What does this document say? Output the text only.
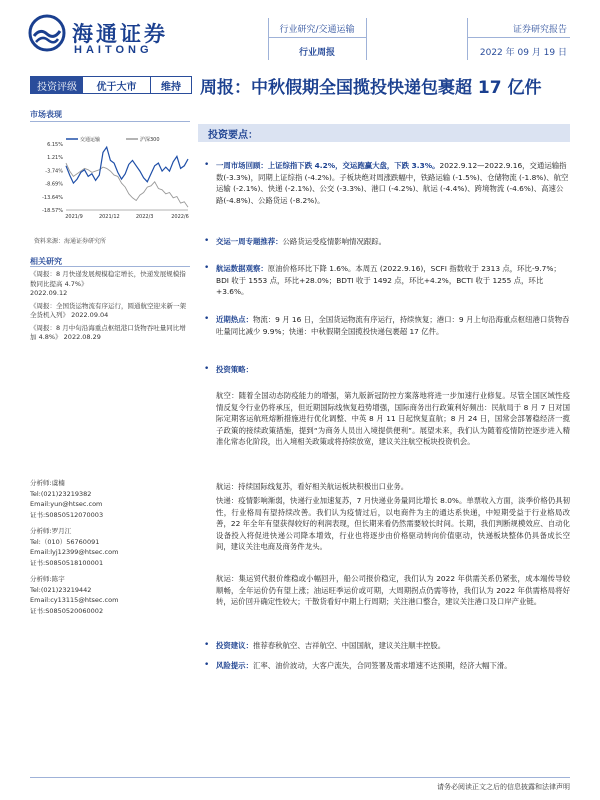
海通证券
HAITONG
行业研究/交通运输
行业周报
证券研究报告
2022 年 09 月 19 日
投资评级	优于大市	维持
市场表现
交通运输	沪深300
6.15%
1.21%
-3.74%
-8.69%
-13.64%
-18.57%
2021/9	2021/12	2022/3	2022/6
资料来源：海通证券研究所
相关研究
《周报：8 月快递发展规模稳定增长，快递发展规模指数同比提高 4.7%》
2022.09.12
《周报：全国货运物流有序运行，圆通航空迎来新一架全货机入列》 2022.09.04
《周报：8 月中旬沿海重点枢纽港口货物吞吐量同比增加 4.8%》 2022.08.29
分析师:虞楠
Tel:(021)23219382
Email:yun@htsec.com
证书:S0850512070003
分析师:罗月江
Tel:（010）56760091
Email:lyj12399@htsec.com
证书:S0850518100001
分析师:陈宇
Tel:(021)23219442
Email:cy13115@htsec.com
证书:S0850520060002
周报：中秋假期全国揽投快递包裹超 17 亿件
投资要点：
• 一周市场回顾：上证综指下跌 4.2%，交运跑赢大盘，下跌 3.3%。2022.9.12—2022.9.16，交通运输指数(-3.3%)，同期上证综指 (-4.2%)。子板块绝对周涨跌幅中，铁路运输 (-1.5%)、仓储物流 (-1.8%)、航空运输 (-2.1%)、快递 (-2.1%)、公交 (-3.3%)、港口 (-4.2%)、航运 (-4.4%)、跨境物流 (-4.6%)、高速公路(-4.8%)、公路货运 (-8.2%)。
• 交运一周专题推荐：公路货运受疫情影响情况跟踪。
• 航运数据观察：原油价格环比下降 1.6%。本周五 (2022.9.16)，SCFI 指数收于 2313 点，环比-9.7%；BDI 收于 1553 点，环比+28.0%；BDTI 收于 1492 点，环比+4.2%，BCTI 收于 1255 点，环比+3.6%。
• 近期热点：物流：9 月 16 日，全国货运物流有序运行，持续恢复；港口：9 月上旬沿海重点枢纽港口货物吞吐量同比减少 9.9%；快递：中秋假期全国揽投快递包裹超 17 亿件。
• 投资策略：
航空：随着全国动态防疫能力的增强，第九版新冠防控方案落地将进一步加速行业修复。尽管全国区域性疫情反复令行业仍将承压，但近期国际线恢复趋势增强，国际商务出行政策利好频出：民航局于 8 月 7 日对国际定期客运航班熔断措施进行优化调整、中英 8 月 11 日起恢复直航；8 月 24 日，国常会部署稳经济一揽子政策的接续政策措施，提到“为商务人员出入境提供便利”。展望未来，我们认为随着疫情防控逐步进入精准化常态化阶段，出入境相关政策或将持续放宽，建议关注航空板块投资机会。
航运：持续国际线复苏，看好相关航运板块积极出口业务。
快递：疫情影响渐弱，快递行业加速复苏，7 月快递业务量同比增长 8.0%。单票收入方面，淡季价格仍具韧性，行业格局有望持续改善。我们认为疫情过后，以电商件为主的通达系快递，中短期受益于行业格局改善，22 年全年有望获得较好的利润表现，但长期来看仍然需要较长时间。长期，我们判断规模效应、自动化设备投入将促进快递公司降本增效，行业也将逐步由价格驱动转向价值驱动，快递板块整体仍具备成长空间，建议关注电商及商务件龙头。
航运：集运贸代报价维稳或小幅回升，船公司报价稳定，我们认为 2022 年供需关系仍紧张，成本端传导较顺畅，全年运价仍有望上涨；油运旺季运价或可期，大周期拐点仍需等待，我们认为 2022 年供需格局将好转，运价回升确定性较大；干散货看好中期上行周期；关注港口整合，建议关注港口及口岸产业链。
• 投资建议：推荐春秋航空、吉祥航空、中国国航，建议关注顺丰控股。
• 风险提示：汇率、油价波动，大客户流失，合同签署及需求增速不达预期，经济大幅下滑。
请务必阅读正文之后的信息披露和法律声明
